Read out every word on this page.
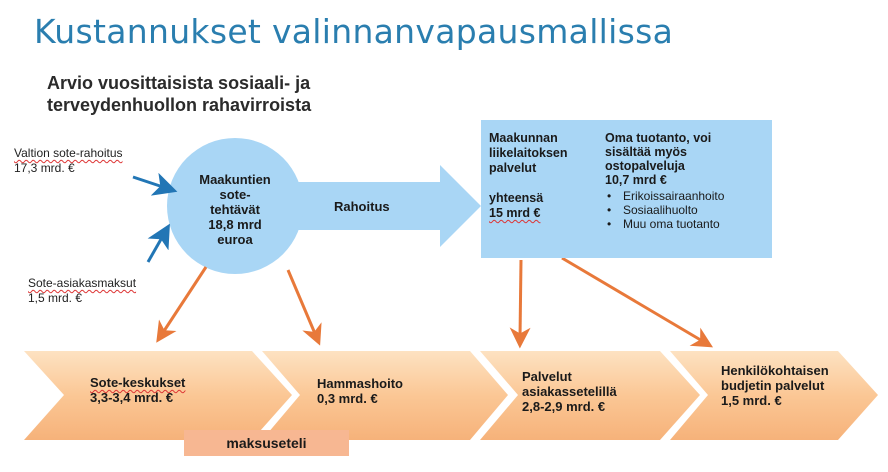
Kustannukset valinnanvapausmallissa
Arvio vuosittaisista sosiaali- ja
terveydenhuollon rahavirroista
Valtion sote-rahoitus
17,3 mrd. €
Sote-asiakasmaksut
1,5 mrd. €
Maakuntien
sote-
tehtävät
18,8 mrd
euroa
Rahoitus
Maakunnan
liikelaitoksen
palvelut
yhteensä
15 mrd €
Oma tuotanto, voi
sisältää myös
ostopalveluja
10,7 mrd €
• Erikoissairaanhoito
• Sosiaalihuolto
• Muu oma tuotanto
Sote-keskukset
3,3-3,4 mrd. €
Hammashoito
0,3 mrd. €
Palvelut
asiakassetelillä
2,8-2,9 mrd. €
Henkilökohtaisen
budjetin palvelut
1,5 mrd. €
maksuseteli
